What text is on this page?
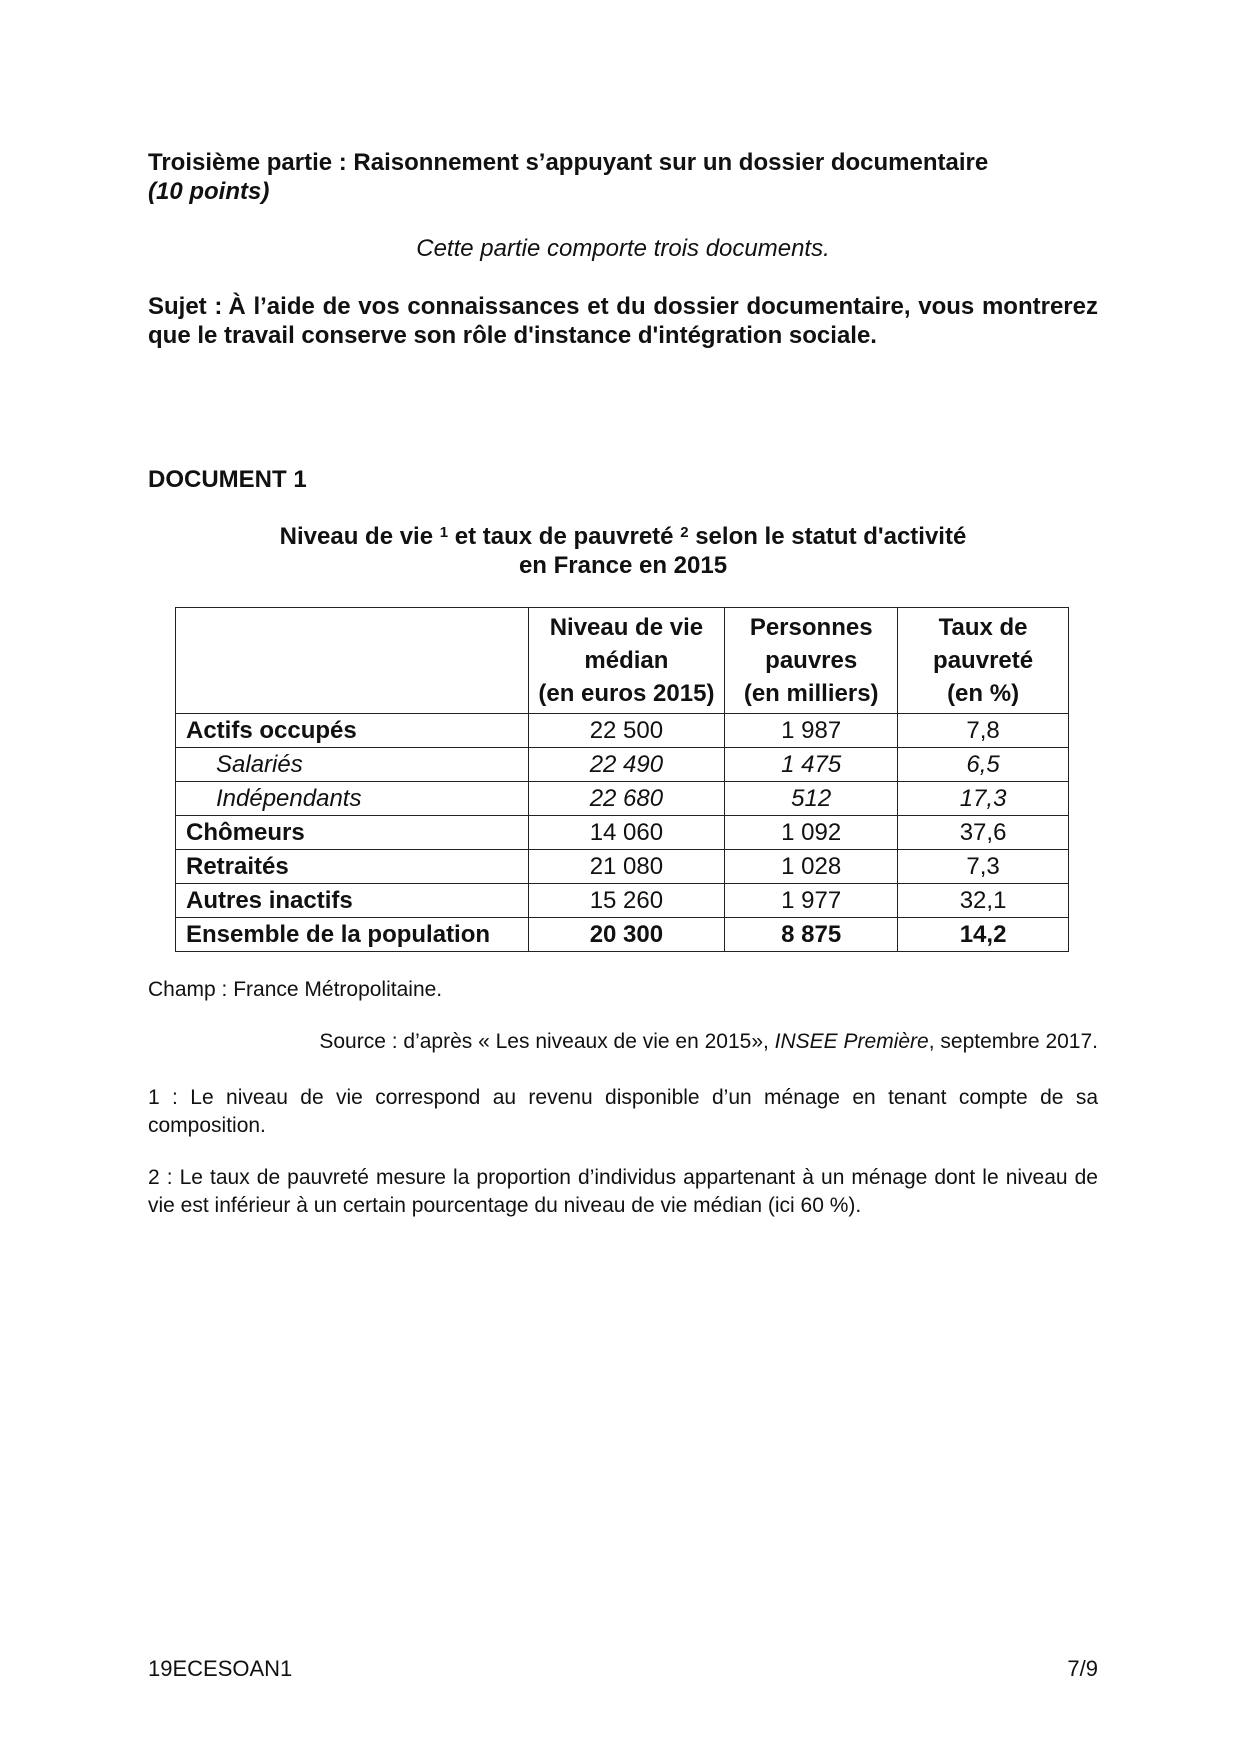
Troisième partie : Raisonnement s’appuyant sur un dossier documentaire
(10 points)
Cette partie comporte trois documents.
Sujet : À l’aide de vos connaissances et du dossier documentaire, vous montrerez que le travail conserve son rôle d'instance d'intégration sociale.
DOCUMENT 1
Niveau de vie $^1$ et taux de pauvreté $^2$ selon le statut d'activité
en France en 2015
	Niveau de vie
médian
(en euros 2015)	Personnes
pauvres
(en milliers)	Taux de
pauvreté
(en %)
Actifs occupés	22 500	1 987	7,8
Salariés	22 490	1 475	6,5
Indépendants	22 680	512	17,3
Chômeurs	14 060	1 092	37,6
Retraités	21 080	1 028	7,3
Autres inactifs	15 260	1 977	32,1
Ensemble de la population	20 300	8 875	14,2
Champ : France Métropolitaine.
Source : d’après « Les niveaux de vie en 2015», INSEE Première, septembre 2017.
1 : Le niveau de vie correspond au revenu disponible d’un ménage en tenant compte de sa composition.
2 : Le taux de pauvreté mesure la proportion d’individus appartenant à un ménage dont le niveau de vie est inférieur à un certain pourcentage du niveau de vie médian (ici 60 %).
19ECESOAN1	7/9
